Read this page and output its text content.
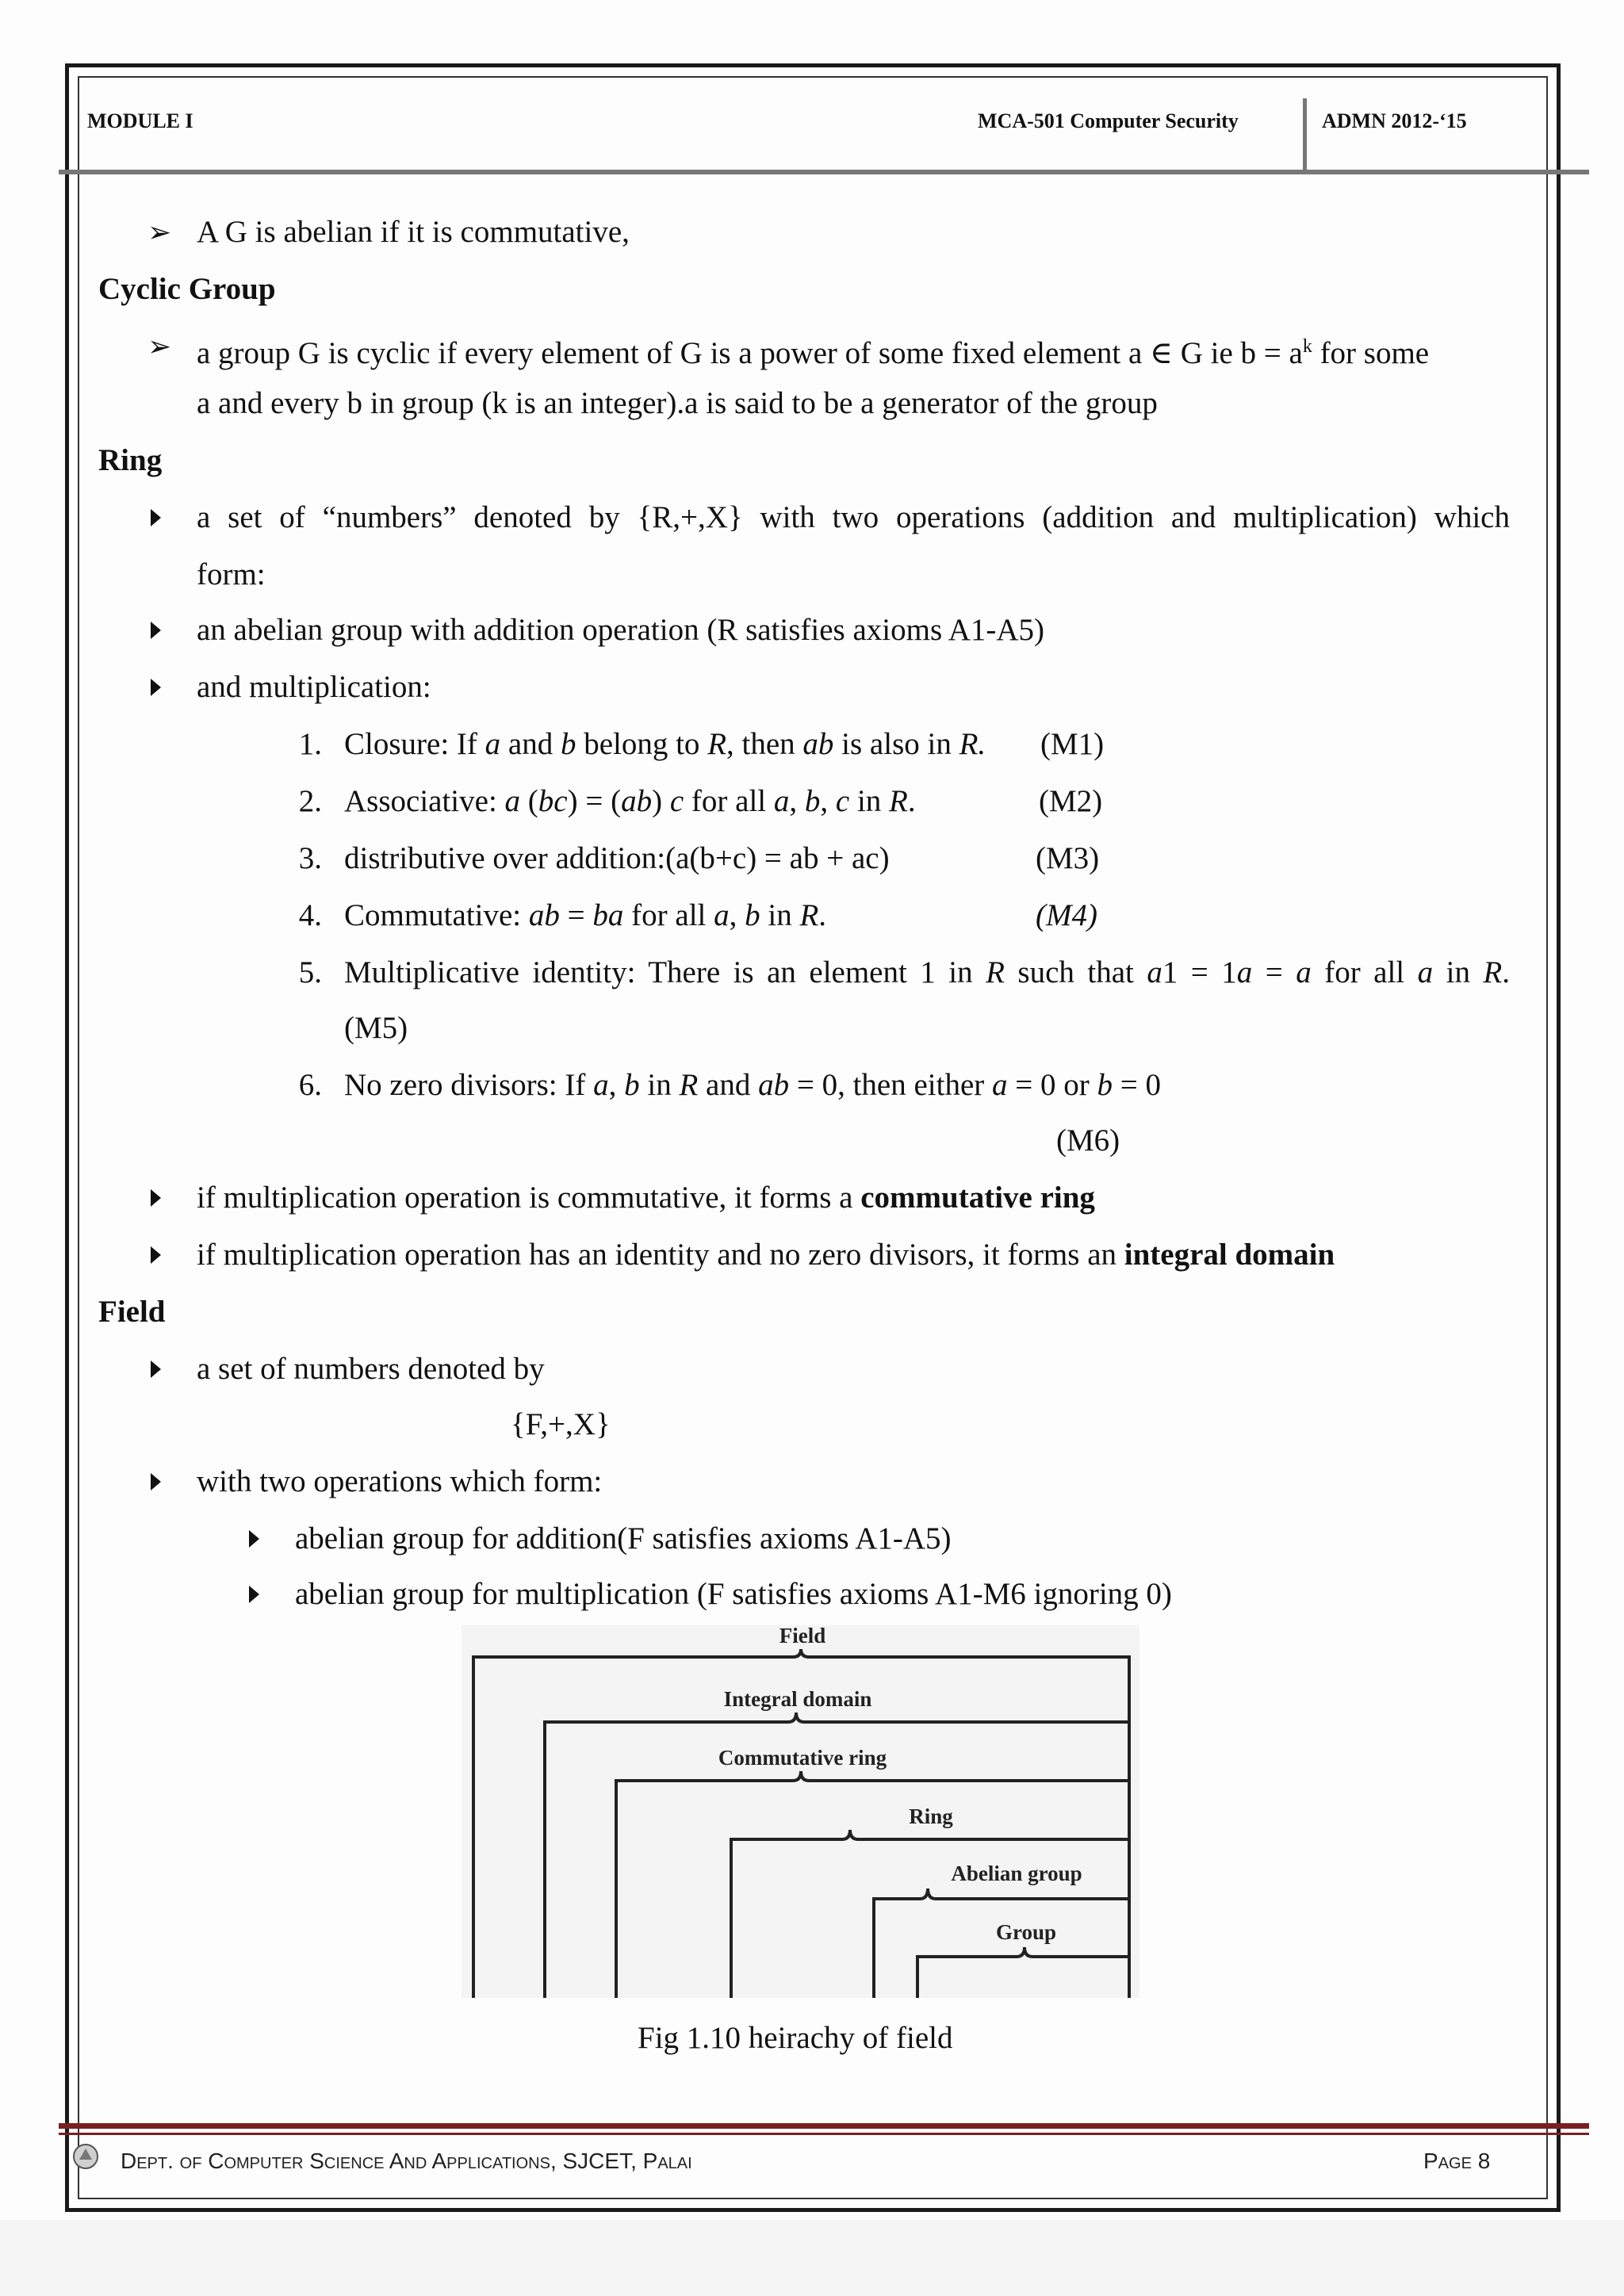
MODULE I	MCA-501 Computer Security	ADMN 2012-‘15
➢ A G is abelian if it is commutative,
Cyclic Group
➢ a group G is cyclic if every element of G is a power of some fixed element a ∈ G ie $b = a^k$ for some
a and every b in group (k is an integer).a is said to be a generator of the group
Ring
a set of “numbers” denoted by {R,+,X} with two operations (addition and multiplication) which
form:
an abelian group with addition operation (R satisfies axioms A1-A5)
and multiplication:
1. Closure: If a and b belong to R, then ab is also in R. (M1)
2. Associative: a (bc) = (ab) c for all a, b, c in R.	(M2)
3. distributive over addition:(a(b+c) = ab + ac)	(M3)
4. Commutative: ab = ba for all a, b in R.	(M4)
5. Multiplicative identity: There is an element 1 in R such that a1 = 1a = a for all a in R.
(M5)
6. No zero divisors: If a, b in R and ab = 0, then either a = 0 or b = 0
(M6)
if multiplication operation is commutative, it forms a commutative ring
if multiplication operation has an identity and no zero divisors, it forms an integral domain
Field
a set of numbers denoted by
{F,+,X}
with two operations which form:
abelian group for addition(F satisfies axioms A1-A5)
abelian group for multiplication (F satisfies axioms A1-M6 ignoring 0)
Field
Integral domain
Commutative ring
Ring
Abelian group
Group
Fig 1.10 heirachy of field
Dept. of Computer Science And Applications, SJCET, Palai	Page 8
